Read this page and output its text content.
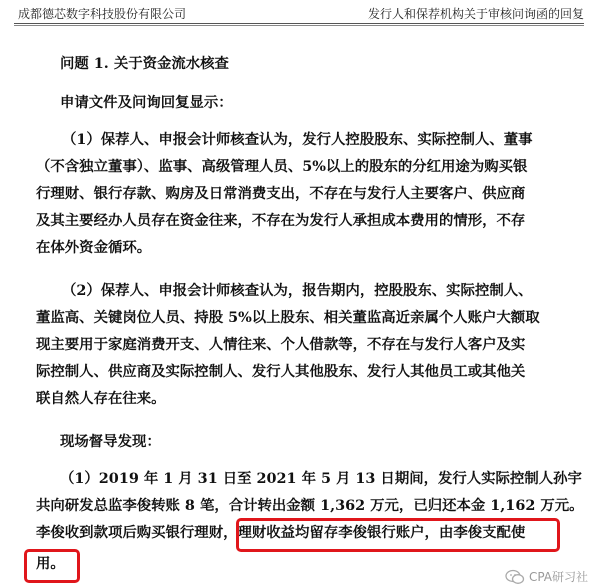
成都德芯数字科技股份有限公司	发行人和保荐机构关于审核问询函的回复
问题 1. 关于资金流水核查
申请文件及问询回复显示：
（1）保荐人、申报会计师核查认为，发行人控股股东、实际控制人、董事
（不含独立董事）、监事、高级管理人员、5%以上的股东的分红用途为购买银
行理财、银行存款、购房及日常消费支出，不存在与发行人主要客户、供应商
及其主要经办人员存在资金往来，不存在为发行人承担成本费用的情形，不存
在体外资金循环。
（2）保荐人、申报会计师核查认为，报告期内，控股股东、实际控制人、
董监高、关键岗位人员、持股 5%以上股东、相关董监高近亲属个人账户大额取
现主要用于家庭消费开支、人情往来、个人借款等，不存在与发行人客户及实
际控制人、供应商及实际控制人、发行人其他股东、发行人其他员工或其他关
联自然人存在往来。
现场督导发现：
（1）2019 年 1 月 31 日至 2021 年 5 月 13 日期间，发行人实际控制人孙宇
共向研发总监李俊转账 8 笔，合计转出金额 1,362 万元，已归还本金 1,162 万元。
李俊收到款项后购买银行理财，理财收益均留存李俊银行账户，由李俊支配使
用。
CPA研习社
